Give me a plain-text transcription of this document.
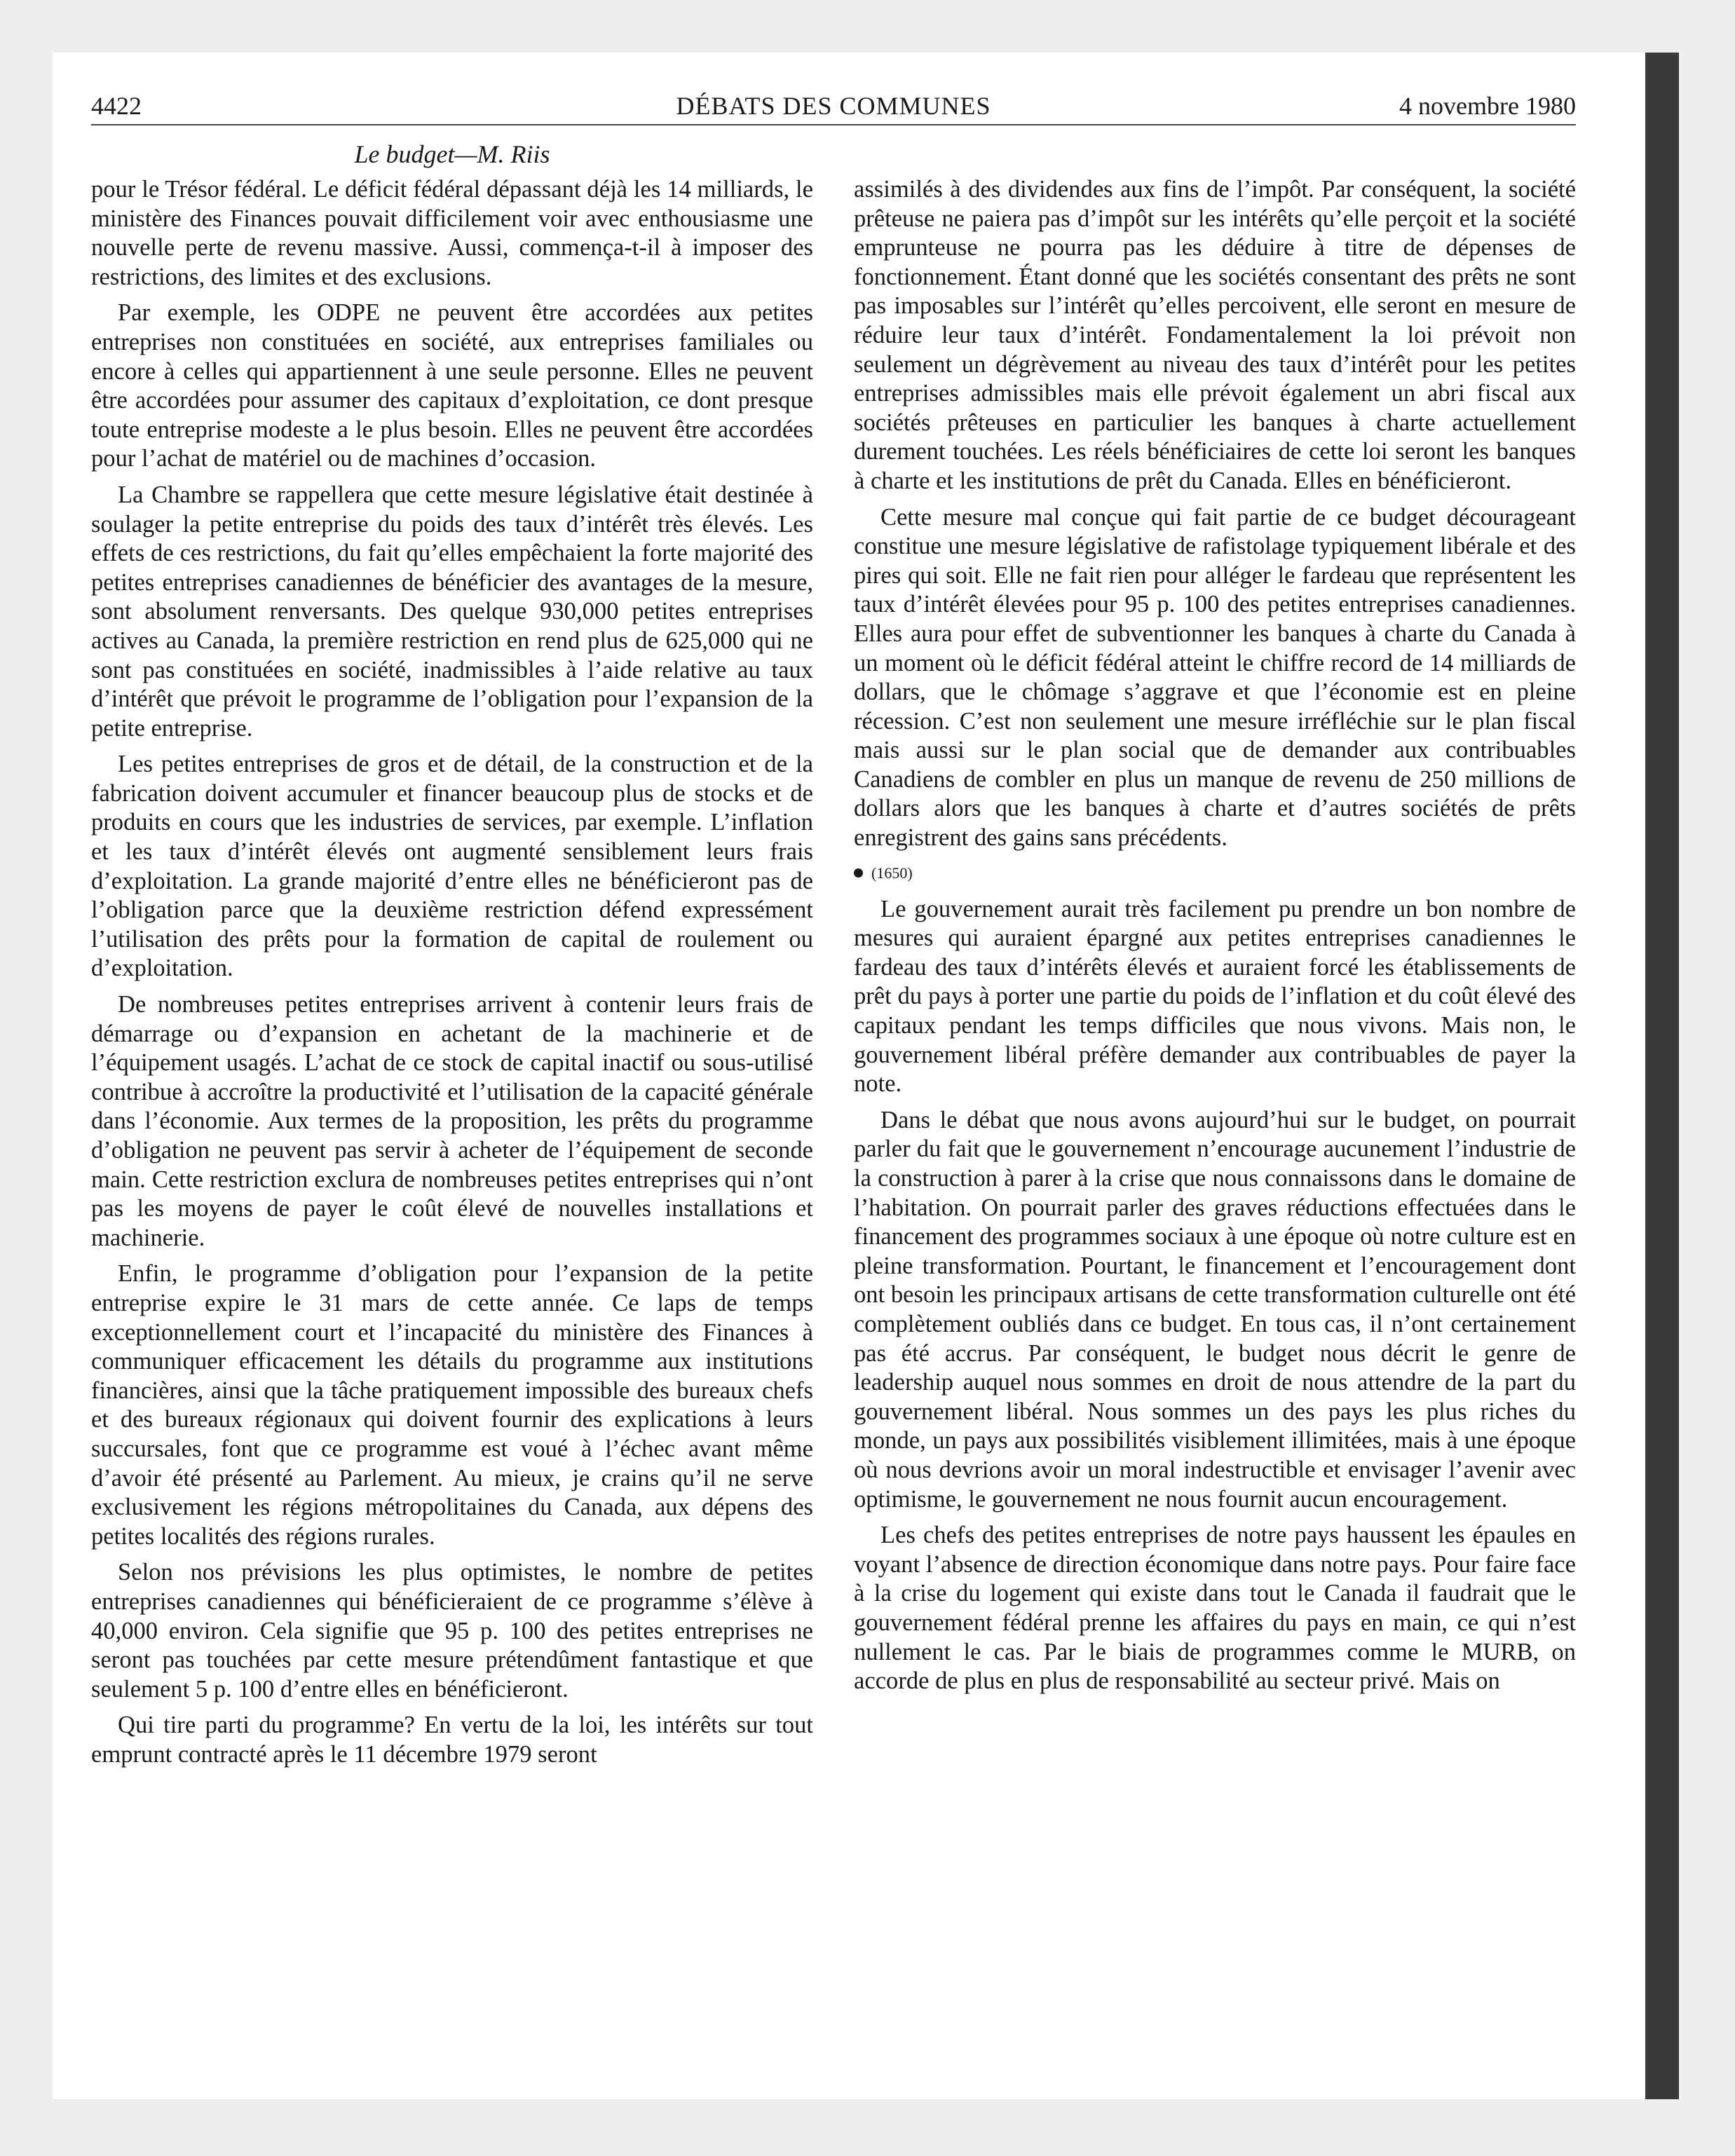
DÉBATS DES COMMUNES
4422	4 novembre 1980
Le budget—M. Riis

pour le Trésor fédéral. Le déficit fédéral dépassant déjà les 14 milliards, le ministère des Finances pouvait difficilement voir avec enthousiasme une nouvelle perte de revenu massive. Aussi, commença-t-il à imposer des restrictions, des limites et des exclusions.

Par exemple, les ODPE ne peuvent être accordées aux petites entreprises non constituées en société, aux entreprises familiales ou encore à celles qui appartiennent à une seule personne. Elles ne peuvent être accordées pour assumer des capitaux d’exploitation, ce dont presque toute entreprise modeste a le plus besoin. Elles ne peuvent être accordées pour l’achat de matériel ou de machines d’occasion.

La Chambre se rappellera que cette mesure législative était destinée à soulager la petite entreprise du poids des taux d’intérêt très élevés. Les effets de ces restrictions, du fait qu’elles empêchaient la forte majorité des petites entreprises canadiennes de bénéficier des avantages de la mesure, sont absolument renversants. Des quelque 930,000 petites entreprises actives au Canada, la première restriction en rend plus de 625,000 qui ne sont pas constituées en société, inadmissibles à l’aide relative au taux d’intérêt que prévoit le programme de l’obligation pour l’expansion de la petite entreprise.

Les petites entreprises de gros et de détail, de la construction et de la fabrication doivent accumuler et financer beaucoup plus de stocks et de produits en cours que les industries de services, par exemple. L’inflation et les taux d’intérêt élevés ont augmenté sensiblement leurs frais d’exploitation. La grande majorité d’entre elles ne bénéficieront pas de l’obligation parce que la deuxième restriction défend expressément l’utilisation des prêts pour la formation de capital de roulement ou d’exploitation.

De nombreuses petites entreprises arrivent à contenir leurs frais de démarrage ou d’expansion en achetant de la machinerie et de l’équipement usagés. L’achat de ce stock de capital inactif ou sous-utilisé contribue à accroître la productivité et l’utilisation de la capacité générale dans l’économie. Aux termes de la proposition, les prêts du programme d’obligation ne peuvent pas servir à acheter de l’équipement de seconde main. Cette restriction exclura de nombreuses petites entreprises qui n’ont pas les moyens de payer le coût élevé de nouvelles installations et machinerie.

Enfin, le programme d’obligation pour l’expansion de la petite entreprise expire le 31 mars de cette année. Ce laps de temps exceptionnellement court et l’incapacité du ministère des Finances à communiquer efficacement les détails du programme aux institutions financières, ainsi que la tâche pratiquement impossible des bureaux chefs et des bureaux régionaux qui doivent fournir des explications à leurs succursales, font que ce programme est voué à l’échec avant même d’avoir été présenté au Parlement. Au mieux, je crains qu’il ne serve exclusivement les régions métropolitaines du Canada, aux dépens des petites localités des régions rurales.

Selon nos prévisions les plus optimistes, le nombre de petites entreprises canadiennes qui bénéficieraient de ce programme s’élève à 40,000 environ. Cela signifie que 95 p. 100 des petites entreprises ne seront pas touchées par cette mesure prétendûment fantastique et que seulement 5 p. 100 d’entre elles en bénéficieront.

Qui tire parti du programme? En vertu de la loi, les intérêts sur tout emprunt contracté après le 11 décembre 1979 seront

assimilés à des dividendes aux fins de l’impôt. Par conséquent, la société prêteuse ne paiera pas d’impôt sur les intérêts qu’elle perçoit et la société emprunteuse ne pourra pas les déduire à titre de dépenses de fonctionnement. Étant donné que les sociétés consentant des prêts ne sont pas imposables sur l’intérêt qu’elles percoivent, elle seront en mesure de réduire leur taux d’intérêt. Fondamentalement la loi prévoit non seulement un dégrèvement au niveau des taux d’intérêt pour les petites entreprises admissibles mais elle prévoit également un abri fiscal aux sociétés prêteuses en particulier les banques à charte actuellement durement touchées. Les réels bénéficiaires de cette loi seront les banques à charte et les institutions de prêt du Canada. Elles en bénéficieront.

Cette mesure mal conçue qui fait partie de ce budget décourageant constitue une mesure législative de rafistolage typiquement libérale et des pires qui soit. Elle ne fait rien pour alléger le fardeau que représentent les taux d’intérêt élevées pour 95 p. 100 des petites entreprises canadiennes. Elles aura pour effet de subventionner les banques à charte du Canada à un moment où le déficit fédéral atteint le chiffre record de 14 milliards de dollars, que le chômage s’aggrave et que l’économie est en pleine récession. C’est non seulement une mesure irréfléchie sur le plan fiscal mais aussi sur le plan social que de demander aux contribuables Canadiens de combler en plus un manque de revenu de 250 millions de dollars alors que les banques à charte et d’autres sociétés de prêts enregistrent des gains sans précédents.

(1650)

Le gouvernement aurait très facilement pu prendre un bon nombre de mesures qui auraient épargné aux petites entreprises canadiennes le fardeau des taux d’intérêts élevés et auraient forcé les établissements de prêt du pays à porter une partie du poids de l’inflation et du coût élevé des capitaux pendant les temps difficiles que nous vivons. Mais non, le gouvernement libéral préfère demander aux contribuables de payer la note.

Dans le débat que nous avons aujourd’hui sur le budget, on pourrait parler du fait que le gouvernement n’encourage aucunement l’industrie de la construction à parer à la crise que nous connaissons dans le domaine de l’habitation. On pourrait parler des graves réductions effectuées dans le financement des programmes sociaux à une époque où notre culture est en pleine transformation. Pourtant, le financement et l’encouragement dont ont besoin les principaux artisans de cette transformation culturelle ont été complètement oubliés dans ce budget. En tous cas, il n’ont certainement pas été accrus. Par conséquent, le budget nous décrit le genre de leadership auquel nous sommes en droit de nous attendre de la part du gouvernement libéral. Nous sommes un des pays les plus riches du monde, un pays aux possibilités visiblement illimitées, mais à une époque où nous devrions avoir un moral indestructible et envisager l’avenir avec optimisme, le gouvernement ne nous fournit aucun encouragement.

Les chefs des petites entreprises de notre pays haussent les épaules en voyant l’absence de direction économique dans notre pays. Pour faire face à la crise du logement qui existe dans tout le Canada il faudrait que le gouvernement fédéral prenne les affaires du pays en main, ce qui n’est nullement le cas. Par le biais de programmes comme le MURB, on accorde de plus en plus de responsabilité au secteur privé. Mais on
